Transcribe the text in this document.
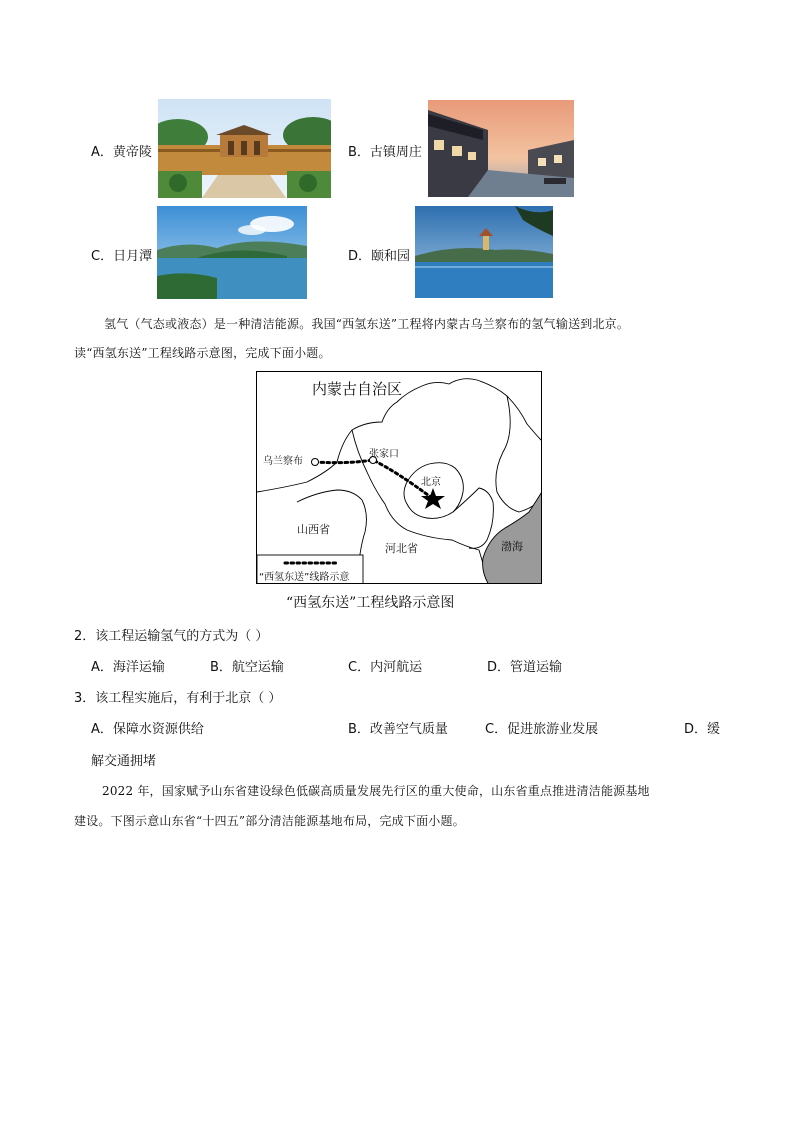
A．黄帝陵	B．古镇周庄
C．日月潭	D．颐和园
氢气（气态或液态）是一种清洁能源。我国“西氢东送”工程将内蒙古乌兰察布的氢气输送到北京。
读“西氢东送”工程线路示意图，完成下面小题。
内蒙古自治区
乌兰察布
张家口
北京
山西省
河北省	渤海
“西氢东送”线路示意
“西氢东送”工程线路示意图
2．该工程运输氢气的方式为（ ）
A．海洋运输	B．航空运输	C．内河航运	D．管道运输
3．该工程实施后，有利于北京（ ）
A．保障水资源供给	B．改善空气质量	C．促进旅游业发展	D．缓
解交通拥堵
2022 年，国家赋予山东省建设绿色低碳高质量发展先行区的重大使命，山东省重点推进清洁能源基地
建设。下图示意山东省“十四五”部分清洁能源基地布局，完成下面小题。
